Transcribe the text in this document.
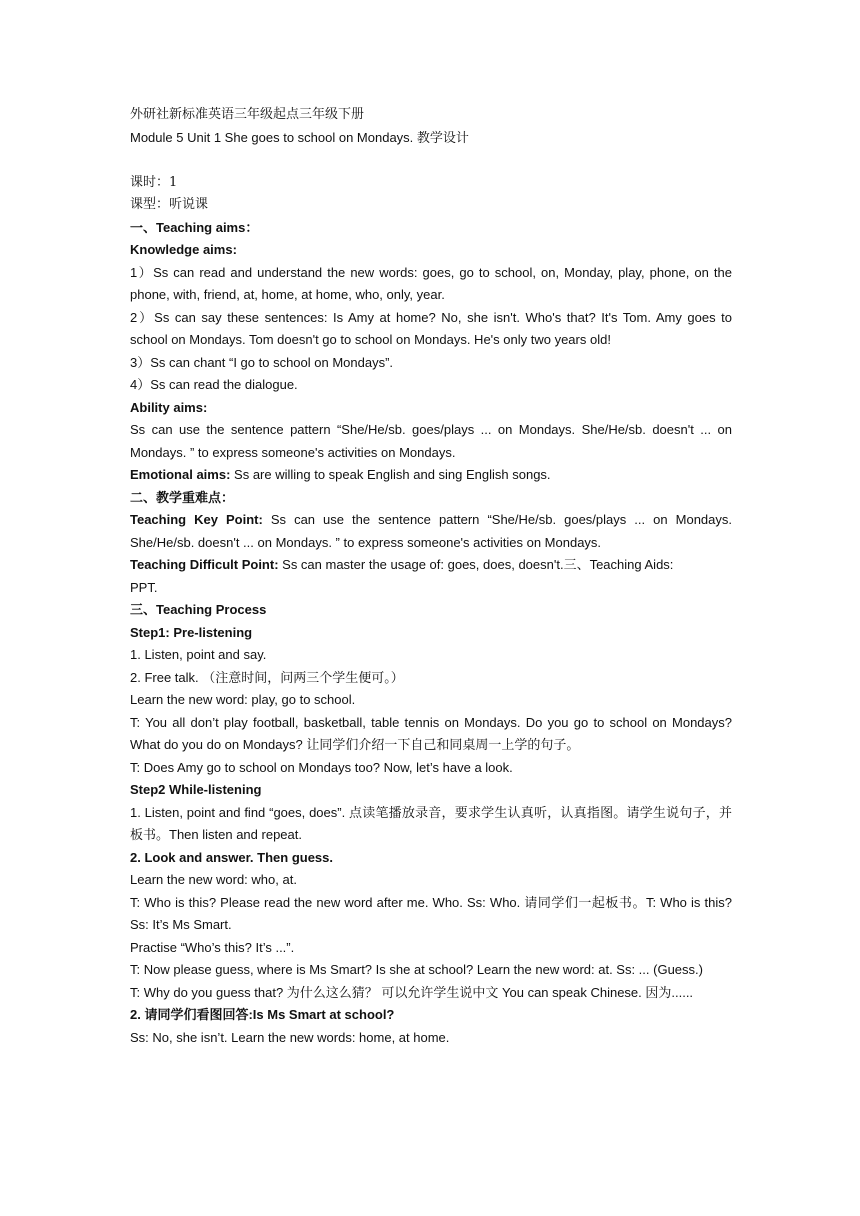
外研社新标准英语三年级起点三年级下册
Module 5 Unit 1 She goes to school on Mondays. 教学设计
课时：1
课型：听说课
一、Teaching aims：
Knowledge aims:
1）Ss can read and understand the new words: goes, go to school, on, Monday, play, phone, on the phone, with, friend, at, home, at home, who, only, year.
2）Ss can say these sentences: Is Amy at home? No, she isn't. Who's that? It's Tom. Amy goes to school on Mondays. Tom doesn't go to school on Mondays. He's only two years old!
3）Ss can chant “I go to school on Mondays”.
4）Ss can read the dialogue.
Ability aims:
Ss can use the sentence pattern “She/He/sb. goes/plays ... on Mondays. She/He/sb. doesn't ... on Mondays. ” to express someone's activities on Mondays.
Emotional aims: Ss are willing to speak English and sing English songs.
二、教学重难点：
Teaching Key Point: Ss can use the sentence pattern “She/He/sb. goes/plays ... on Mondays. She/He/sb. doesn't ... on Mondays. ” to express someone's activities on Mondays.
Teaching Difficult Point: Ss can master the usage of: goes, does, doesn't.三、Teaching Aids:
PPT.
三、Teaching Process
Step1: Pre-listening
1. Listen, point and say.
2. Free talk. （注意时间，问两三个学生便可。）
Learn the new word: play, go to school.
T: You all don’t play football, basketball, table tennis on Mondays. Do you go to school on Mondays? What do you do on Mondays? 让同学们介绍一下自己和同桌周一上学的句子。
T: Does Amy go to school on Mondays too? Now, let’s have a look.
Step2 While-listening
1. Listen, point and find “goes, does”. 点读笔播放录音，要求学生认真听，认真指图。请学生说句子，并板书。Then listen and repeat.
2. Look and answer. Then guess.
Learn the new word: who, at.
T: Who is this? Please read the new word after me. Who. Ss: Who. 请同学们一起板书。T: Who is this? Ss: It’s Ms Smart.
Practise “Who’s this? It’s ...”.
T: Now please guess, where is Ms Smart? Is she at school? Learn the new word: at. Ss: ... (Guess.)
T: Why do you guess that? 为什么这么猜？ 可以允许学生说中文 You can speak Chinese. 因为......
2. 请同学们看图回答:Is Ms Smart at school?
Ss: No, she isn’t. Learn the new words: home, at home.
